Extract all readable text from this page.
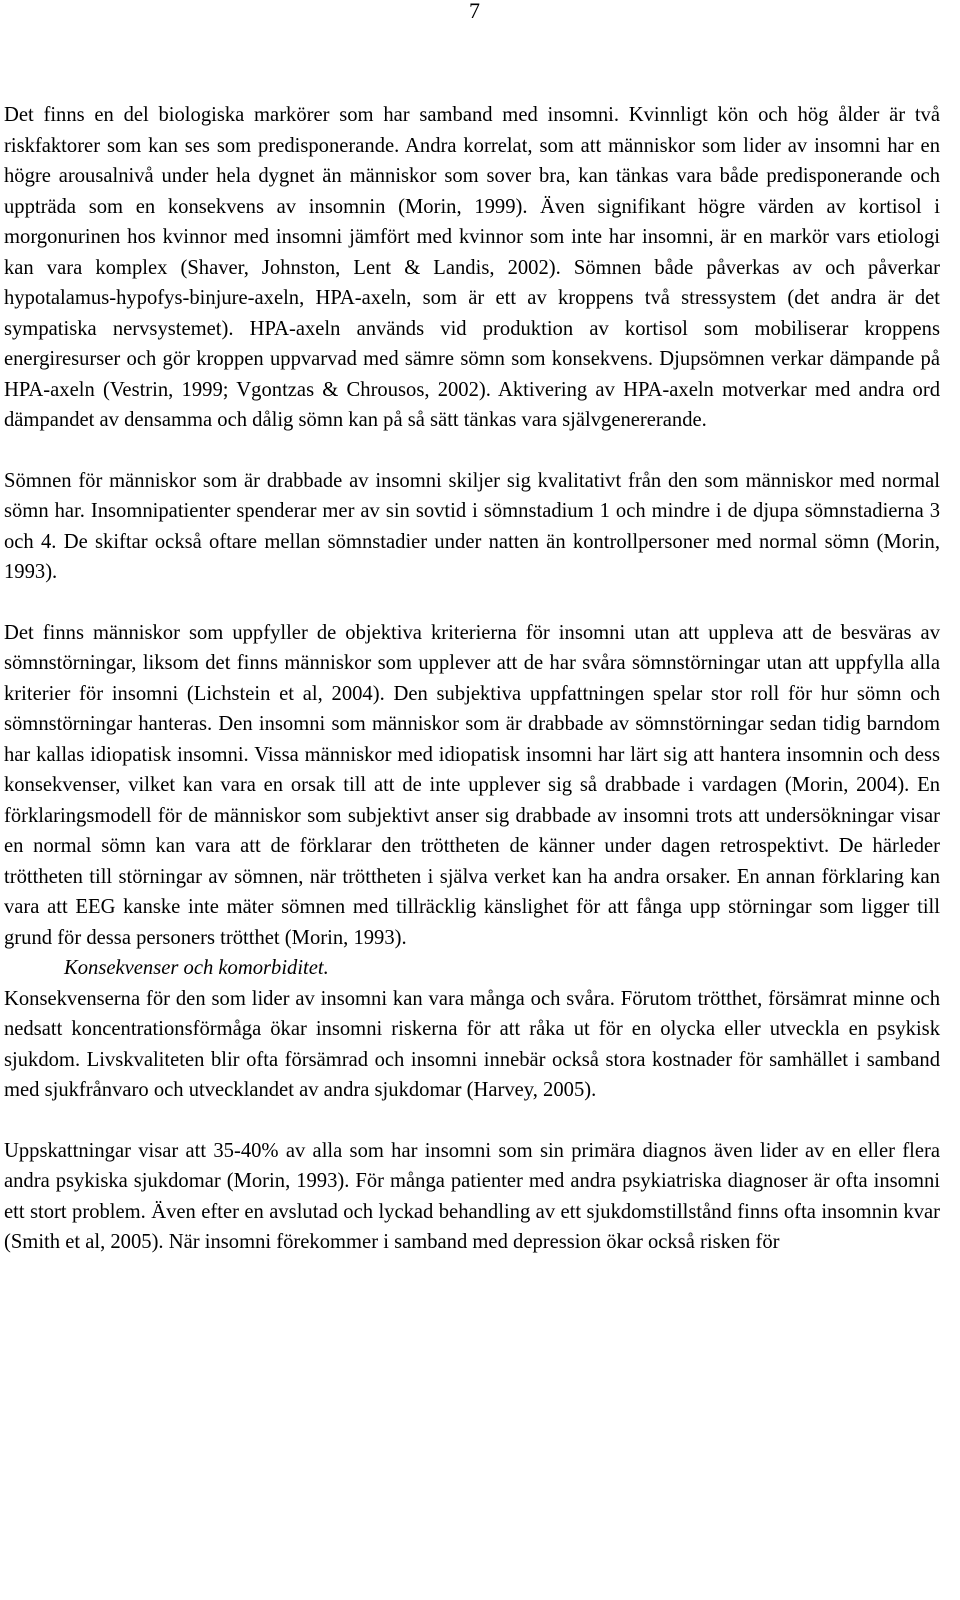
7

Det finns en del biologiska markörer som har samband med insomni. Kvinnligt kön och hög ålder är två riskfaktorer som kan ses som predisponerande. Andra korrelat, som att människor som lider av insomni har en högre arousalnivå under hela dygnet än människor som sover bra, kan tänkas vara både predisponerande och uppträda som en konsekvens av insomnin (Morin, 1999). Även signifikant högre värden av kortisol i morgonurinen hos kvinnor med insomni jämfört med kvinnor som inte har insomni, är en markör vars etiologi kan vara komplex (Shaver, Johnston, Lent & Landis, 2002). Sömnen både påverkas av och påverkar hypotalamus-hypofys-binjure-axeln, HPA-axeln, som är ett av kroppens två stressystem (det andra är det sympatiska nervsystemet). HPA-axeln används vid produktion av kortisol som mobiliserar kroppens energiresurser och gör kroppen uppvarvad med sämre sömn som konsekvens. Djupsömnen verkar dämpande på HPA-axeln (Vestrin, 1999; Vgontzas & Chrousos, 2002). Aktivering av HPA-axeln motverkar med andra ord dämpandet av densamma och dålig sömn kan på så sätt tänkas vara självgenererande.

Sömnen för människor som är drabbade av insomni skiljer sig kvalitativt från den som människor med normal sömn har. Insomnipatienter spenderar mer av sin sovtid i sömnstadium 1 och mindre i de djupa sömnstadierna 3 och 4. De skiftar också oftare mellan sömnstadier under natten än kontrollpersoner med normal sömn (Morin, 1993).

Det finns människor som uppfyller de objektiva kriterierna för insomni utan att uppleva att de besväras av sömnstörningar, liksom det finns människor som upplever att de har svåra sömnstörningar utan att uppfylla alla kriterier för insomni (Lichstein et al, 2004). Den subjektiva uppfattningen spelar stor roll för hur sömn och sömnstörningar hanteras. Den insomni som människor som är drabbade av sömnstörningar sedan tidig barndom har kallas idiopatisk insomni. Vissa människor med idiopatisk insomni har lärt sig att hantera insomnin och dess konsekvenser, vilket kan vara en orsak till att de inte upplever sig så drabbade i vardagen (Morin, 2004). En förklaringsmodell för de människor som subjektivt anser sig drabbade av insomni trots att undersökningar visar en normal sömn kan vara att de förklarar den tröttheten de känner under dagen retrospektivt. De härleder tröttheten till störningar av sömnen, när tröttheten i själva verket kan ha andra orsaker. En annan förklaring kan vara att EEG kanske inte mäter sömnen med tillräcklig känslighet för att fånga upp störningar som ligger till grund för dessa personers trötthet (Morin, 1993).

Konsekvenser och komorbiditet.

Konsekvenserna för den som lider av insomni kan vara många och svåra. Förutom trötthet, försämrat minne och nedsatt koncentrationsförmåga ökar insomni riskerna för att råka ut för en olycka eller utveckla en psykisk sjukdom. Livskvaliteten blir ofta försämrad och insomni innebär också stora kostnader för samhället i samband med sjukfrånvaro och utvecklandet av andra sjukdomar (Harvey, 2005).

Uppskattningar visar att 35-40% av alla som har insomni som sin primära diagnos även lider av en eller flera andra psykiska sjukdomar (Morin, 1993). För många patienter med andra psykiatriska diagnoser är ofta insomni ett stort problem. Även efter en avslutad och lyckad behandling av ett sjukdomstillstånd finns ofta insomnin kvar (Smith et al, 2005). När insomni förekommer i samband med depression ökar också risken för
